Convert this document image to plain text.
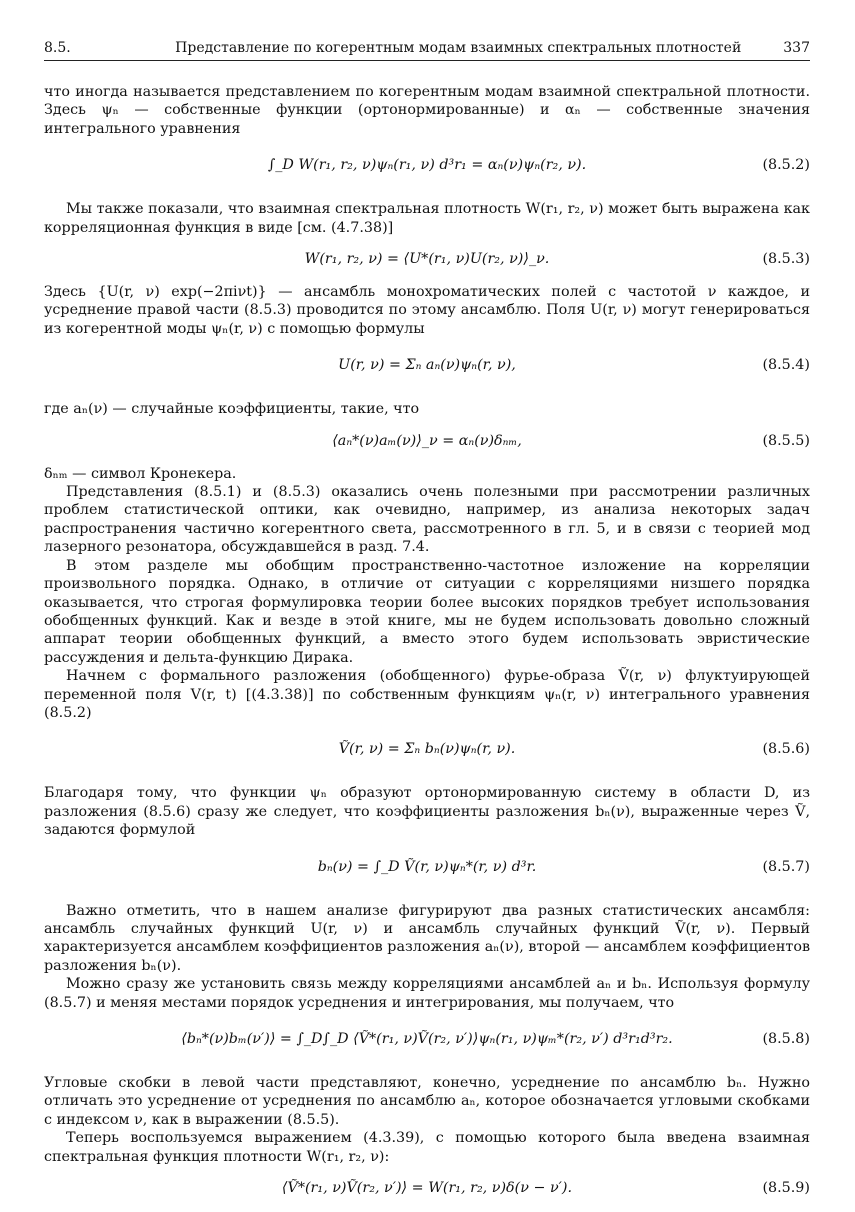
8.5.	Представление по когерентным модам взаимных спектральных плотностей	337

что иногда называется представлением по когерентным модам взаимной спектральной плотности. Здесь ψₙ — собственные функции (ортонормированные) и αₙ — собственные значения интегрального уравнения

∫_D W(r₁, r₂, ν)ψₙ(r₁, ν) d³r₁ = αₙ(ν)ψₙ(r₂, ν).	(8.5.2)

Мы также показали, что взаимная спектральная плотность W(r₁, r₂, ν) может быть выражена как корреляционная функция в виде [см. (4.7.38)]

W(r₁, r₂, ν) = ⟨U*(r₁, ν)U(r₂, ν)⟩_ν.	(8.5.3)

Здесь {U(r, ν) exp(−2πiνt)} — ансамбль монохроматических полей с частотой ν каждое, и усреднение правой части (8.5.3) проводится по этому ансамблю. Поля U(r, ν) могут генерироваться из когерентной моды ψₙ(r, ν) с помощью формулы

U(r, ν) = Σₙ aₙ(ν)ψₙ(r, ν),	(8.5.4)

где aₙ(ν) — случайные коэффициенты, такие, что

⟨aₙ*(ν)aₘ(ν)⟩_ν = αₙ(ν)δₙₘ,	(8.5.5)

δₙₘ — символ Кронекера.

Представления (8.5.1) и (8.5.3) оказались очень полезными при рассмотрении различных проблем статистической оптики, как очевидно, например, из анализа некоторых задач распространения частично когерентного света, рассмотренного в гл. 5, и в связи с теорией мод лазерного резонатора, обсуждавшейся в разд. 7.4.

В этом разделе мы обобщим пространственно-частотное изложение на корреляции произвольного порядка. Однако, в отличие от ситуации с корреляциями низшего порядка оказывается, что строгая формулировка теории более высоких порядков требует использования обобщенных функций. Как и везде в этой книге, мы не будем использовать довольно сложный аппарат теории обобщенных функций, а вместо этого будем использовать эвристические рассуждения и дельта-функцию Дирака.

Начнем с формального разложения (обобщенного) фурье-образа Ṽ(r, ν) флуктуирующей переменной поля V(r, t) [(4.3.38)] по собственным функциям ψₙ(r, ν) интегрального уравнения (8.5.2)

Ṽ(r, ν) = Σₙ bₙ(ν)ψₙ(r, ν).	(8.5.6)

Благодаря тому, что функции ψₙ образуют ортонормированную систему в области D, из разложения (8.5.6) сразу же следует, что коэффициенты разложения bₙ(ν), выраженные через Ṽ, задаются формулой

bₙ(ν) = ∫_D Ṽ(r, ν)ψₙ*(r, ν) d³r.	(8.5.7)

Важно отметить, что в нашем анализе фигурируют два разных статистических ансамбля: ансамбль случайных функций U(r, ν) и ансамбль случайных функций Ṽ(r, ν). Первый характеризуется ансамблем коэффициентов разложения aₙ(ν), второй — ансамблем коэффициентов разложения bₙ(ν).

Можно сразу же установить связь между корреляциями ансамблей aₙ и bₙ. Используя формулу (8.5.7) и меняя местами порядок усреднения и интегрирования, мы получаем, что

⟨bₙ*(ν)bₘ(ν′)⟩ = ∫_D∫_D ⟨Ṽ*(r₁, ν)Ṽ(r₂, ν′)⟩ψₙ(r₁, ν)ψₘ*(r₂, ν′) d³r₁d³r₂.	(8.5.8)

Угловые скобки в левой части представляют, конечно, усреднение по ансамблю bₙ. Нужно отличать это усреднение от усреднения по ансамблю aₙ, которое обозначается угловыми скобками с индексом ν, как в выражении (8.5.5).

Теперь воспользуемся выражением (4.3.39), с помощью которого была введена взаимная спектральная функция плотности W(r₁, r₂, ν):

⟨Ṽ*(r₁, ν)Ṽ(r₂, ν′)⟩ = W(r₁, r₂, ν)δ(ν − ν′).	(8.5.9)
